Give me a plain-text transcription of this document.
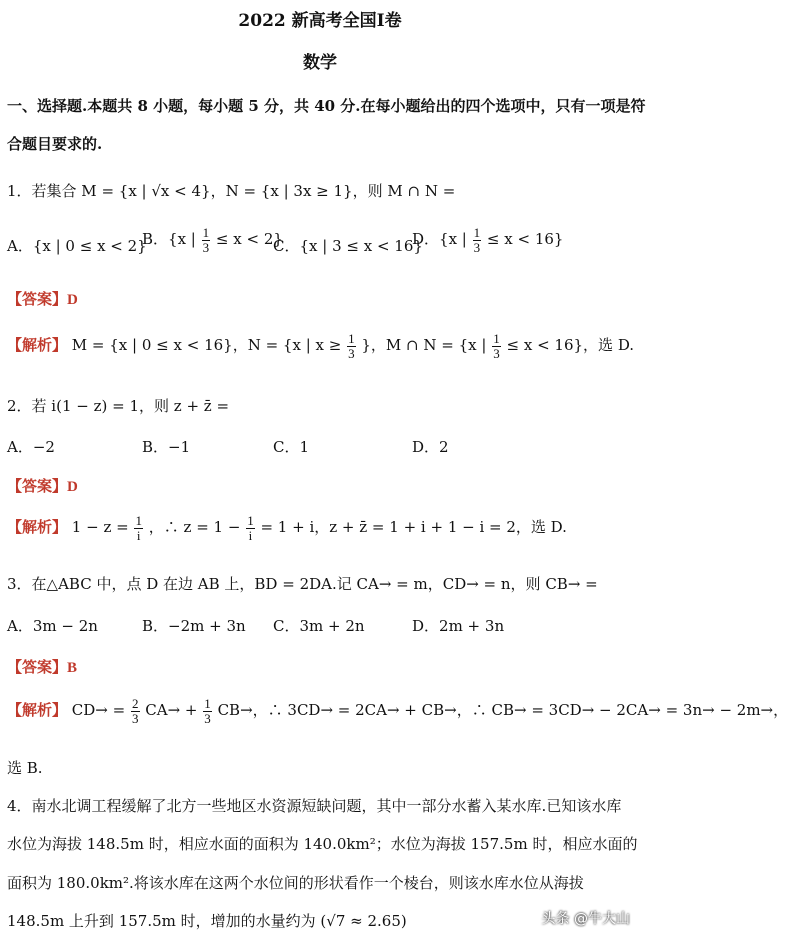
2022 新高考全国Ⅰ卷
数学
一、选择题.本题共 8 小题，每小题 5 分，共 40 分.在每小题给出的四个选项中，只有一项是符
合题目要求的.
1．若集合 M = {x | √x < 4}，N = {x | 3x ≥ 1}，则 M ∩ N =
A．{x | 0 ≤ x < 2}
B．{x | $\frac{1}{3} \le x < 2$}
C．{x | 3 ≤ x < 16}
D．{x | $\frac{1}{3} \le x < 16$}
【答案】D
【解析】 M = {x | 0 ≤ x < 16}，N = {x | $x \ge \frac{1}{3}$ }，M ∩ N = {x | $\frac{1}{3} \le x < 16$}，选 D.
2．若 i(1 − z) = 1，则 z + z̄ =
A．−2	B．−1	C．1	D．2
【答案】D
【解析】 $1 - z = \frac{1}{i}$ ，∴ $z = 1 - \frac{1}{i} = 1 + i$，z + z̄ = 1 + i + 1 − i = 2，选 D.
3．在△ABC 中，点 D 在边 AB 上，BD = 2DA.记 CA→ = m，CD→ = n，则 CB→ =
A．3m − 2n	B．−2m + 3n C．3m + 2n	D．2m + 3n
【答案】B
【解析】 $CD\to = \frac{2}{3} CA\to + \frac{1}{3} CB\to$，∴ 3CD→ = 2CA→ + CB→，∴ CB→ = 3CD→ − 2CA→ = 3n→ − 2m→，
选 B.
4．南水北调工程缓解了北方一些地区水资源短缺问题，其中一部分水蓄入某水库.已知该水库
水位为海拔 148.5m 时，相应水面的面积为 140.0km²；水位为海拔 157.5m 时，相应水面的
面积为 180.0km².将该水库在这两个水位间的形状看作一个棱台，则该水库水位从海拔
148.5m 上升到 157.5m 时，增加的水量约为 (√7 ≈ 2.65)	头条 @牛大山
